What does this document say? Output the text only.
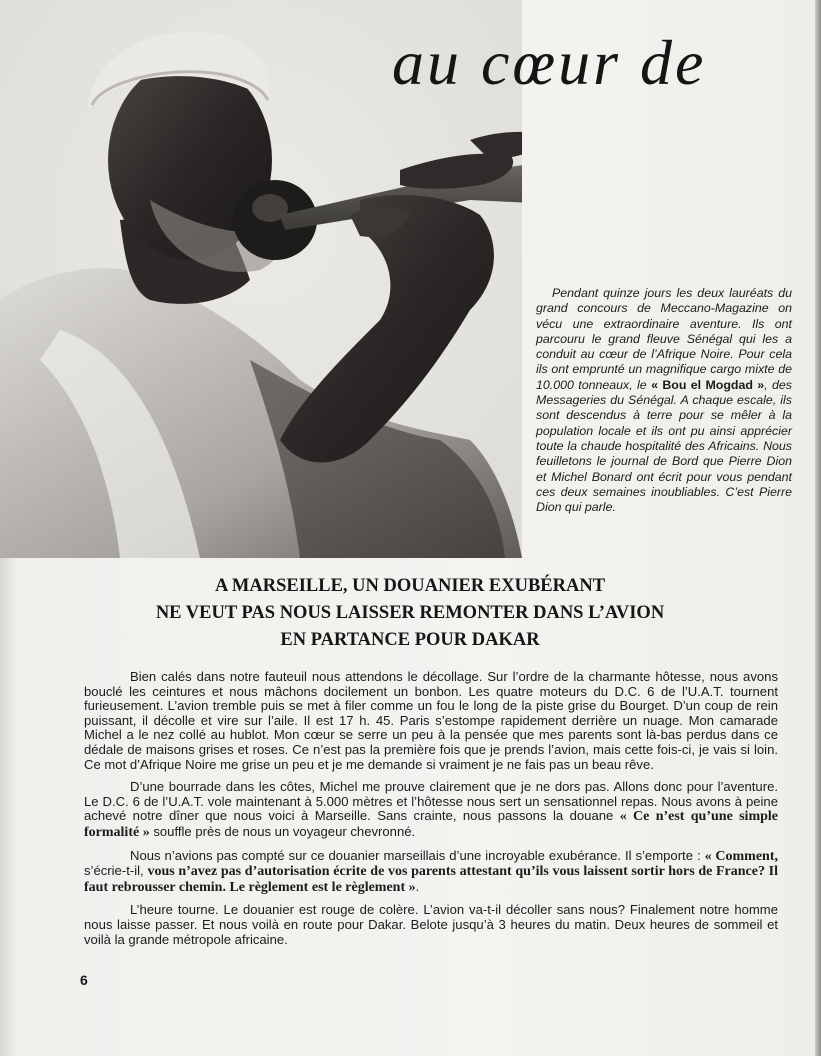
au cœur de
Pendant quinze jours les deux lauréats du grand concours de Meccano-Magazine on vécu une extraordinaire aventure. Ils ont parcouru le grand fleuve Sénégal qui les a conduit au cœur de l’Afrique Noire. Pour cela ils ont emprunté un magnifique cargo mixte de 10.000 tonneaux, le « Bou el Mogdad », des Messageries du Sénégal. A chaque escale, ils sont descendus à terre pour se mêler à la population locale et ils ont pu ainsi apprécier toute la chaude hospitalité des Africains. Nous feuilletons le journal de Bord que Pierre Dion et Michel Bonard ont écrit pour vous pendant ces deux semaines inoubliables. C’est Pierre Dion qui parle.
A MARSEILLE, UN DOUANIER EXUBÉRANT
NE VEUT PAS NOUS LAISSER REMONTER DANS L’AVION
EN PARTANCE POUR DAKAR

Bien calés dans notre fauteuil nous attendons le décollage. Sur l’ordre de la charmante hôtesse, nous avons bouclé les ceintures et nous mâchons docilement un bonbon. Les quatre moteurs du D.C. 6 de l’U.A.T. tournent furieusement. L’avion tremble puis se met à filer comme un fou le long de la piste grise du Bourget. D’un coup de rein puissant, il décolle et vire sur l’aile. Il est 17 h. 45. Paris s’estompe rapidement derrière un nuage. Mon camarade Michel a le nez collé au hublot. Mon cœur se serre un peu à la pensée que mes parents sont là-bas perdus dans ce dédale de maisons grises et roses. Ce n’est pas la première fois que je prends l’avion, mais cette fois-ci, je vais si loin. Ce mot d’Afrique Noire me grise un peu et je me demande si vraiment je ne fais pas un beau rêve.

D’une bourrade dans les côtes, Michel me prouve clairement que je ne dors pas. Allons donc pour l’aventure. Le D.C. 6 de l’U.A.T. vole maintenant à 5.000 mètres et l’hôtesse nous sert un sensationnel repas. Nous avons à peine achevé notre dîner que nous voici à Marseille. Sans crainte, nous passons la douane « Ce n’est qu’une simple formalité » souffle près de nous un voyageur chevronné.

Nous n’avions pas compté sur ce douanier marseillais d’une incroyable exubérance. Il s’emporte : « Comment, s’écrie-t-il, vous n’avez pas d’autorisation écrite de vos parents attestant qu’ils vous laissent sortir hors de France? Il faut rebrousser chemin. Le règlement est le règlement ».

L’heure tourne. Le douanier est rouge de colère. L’avion va-t-il décoller sans nous? Finalement notre homme nous laisse passer. Et nous voilà en route pour Dakar. Belote jusqu’à 3 heures du matin. Deux heures de sommeil et voilà la grande métropole africaine.

6
